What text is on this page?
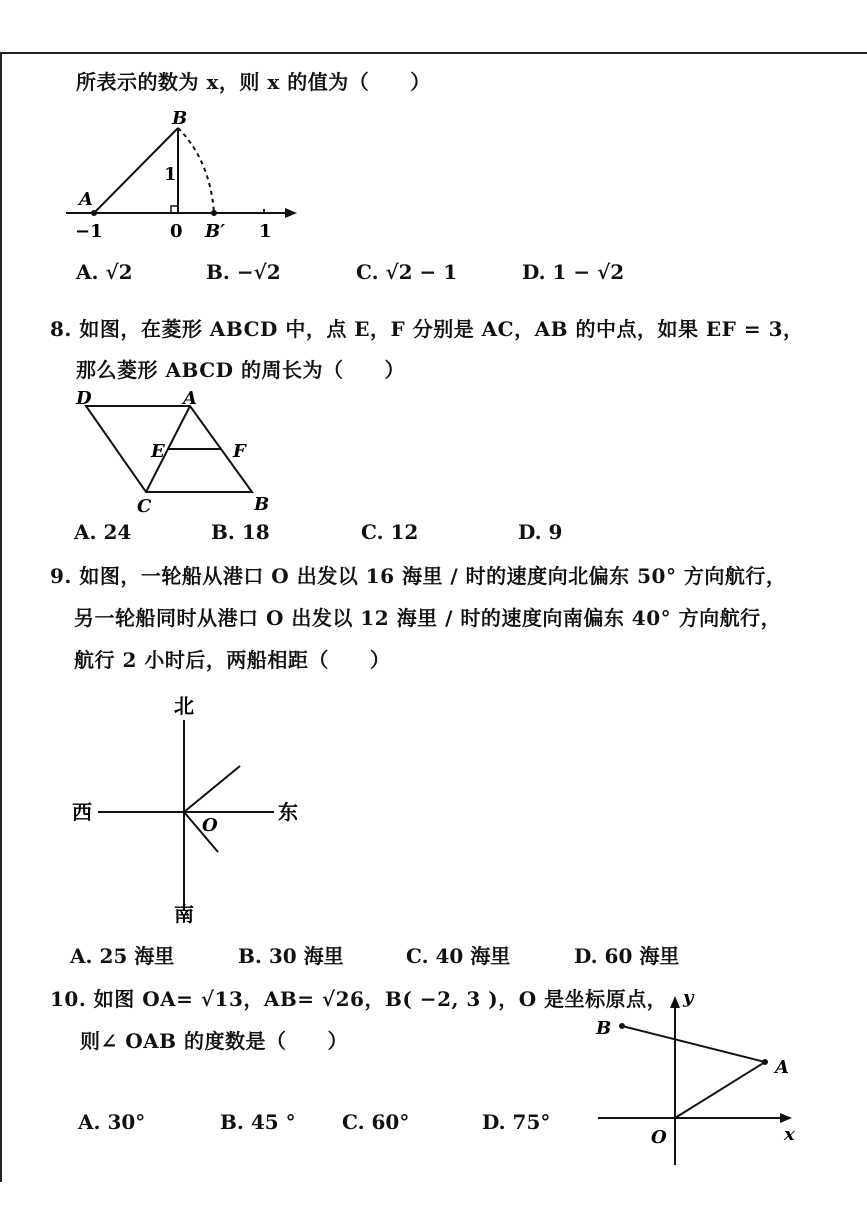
所表示的数为 x，则 x 的值为（　　）
B
A
1
−1	0 B′ 1
A. √2	B. −√2	C. √2 − 1	D. 1 − √2
8. 如图，在菱形 ABCD 中，点 E，F 分别是 AC，AB 的中点，如果 EF = 3，
那么菱形 ABCD 的周长为（　　）
D	A
E	F
C	B
A. 24	B. 18	C. 12	D. 9
9. 如图，一轮船从港口 O 出发以 16 海里 / 时的速度向北偏东 50° 方向航行，
另一轮船同时从港口 O 出发以 12 海里 / 时的速度向南偏东 40° 方向航行，
航行 2 小时后，两船相距（　　）
北
南
西	东
O
A. 25 海里	B. 30 海里	C. 40 海里	D. 60 海里
10. 如图 OA= √13，AB= √26，B( −2, 3 )，O 是坐标原点，
则∠ OAB 的度数是（　　）
y
x
O
A
B
A. 30°	B. 45 ° C. 60°	D. 75°
